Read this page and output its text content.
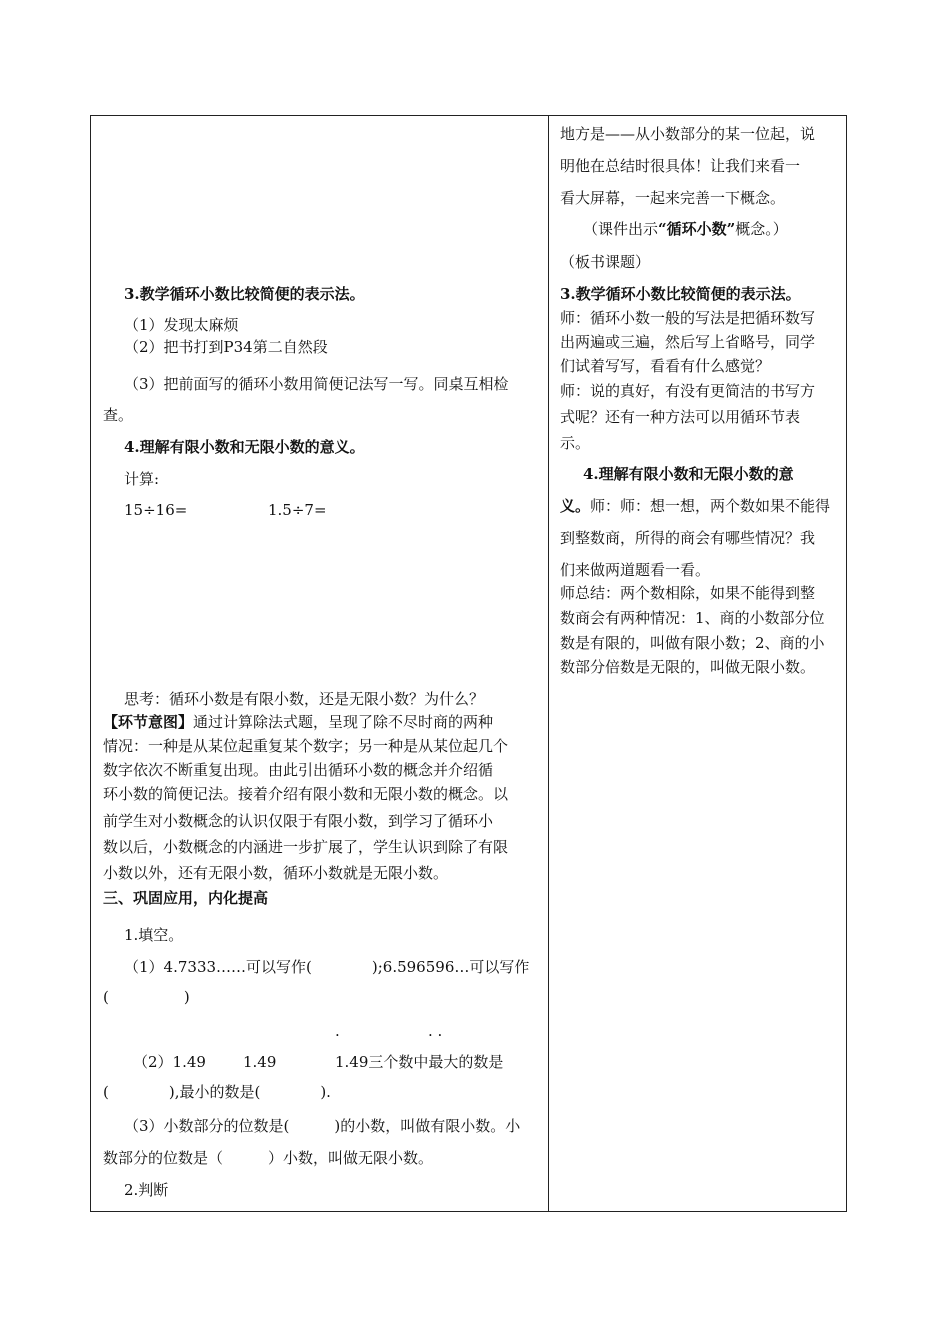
3.教学循环小数比较简便的表示法。
（1）发现太麻烦
（2）把书打到P34第二自然段
（3）把前面写的循环小数用简便记法写一写。同桌互相检
查。
4.理解有限小数和无限小数的意义。
计算:
15÷16=	1.5÷7=
思考：循环小数是有限小数，还是无限小数？为什么？
【环节意图】通过计算除法式题，呈现了除不尽时商的两种
情况：一种是从某位起重复某个数字；另一种是从某位起几个
数字依次不断重复出现。由此引出循环小数的概念并介绍循
环小数的简便记法。接着介绍有限小数和无限小数的概念。以
前学生对小数概念的认识仅限于有限小数，到学习了循环小
数以后，小数概念的内涵进一步扩展了，学生认识到除了有限
小数以外，还有无限小数，循环小数就是无限小数。
三、巩固应用，内化提高
1.填空。
（1）4.7333……可以写作(　　　　);6.596596…可以写作
(　　　　　)
.	. .
（2）1.49 1.49	1.49三个数中最大的数是
(　　　　),最小的数是(　　　　).
（3）小数部分的位数是(　　　)的小数，叫做有限小数。小
数部分的位数是（　　　）小数，叫做无限小数。
2.判断
地方是——从小数部分的某一位起，说
明他在总结时很具体！让我们来看一
看大屏幕，一起来完善一下概念。
（课件出示“循环小数”概念。）
（板书课题）
3.教学循环小数比较简便的表示法。
师：循环小数一般的写法是把循环数写
出两遍或三遍，然后写上省略号，同学
们试着写写，看看有什么感觉？
师：说的真好，有没有更简洁的书写方
式呢？还有一种方法可以用循环节表
示。
4.理解有限小数和无限小数的意
义。师：师：想一想，两个数如果不能得
到整数商，所得的商会有哪些情况？我
们来做两道题看一看。
师总结：两个数相除，如果不能得到整
数商会有两种情况：1、商的小数部分位
数是有限的，叫做有限小数；2、商的小
数部分倍数是无限的，叫做无限小数。
